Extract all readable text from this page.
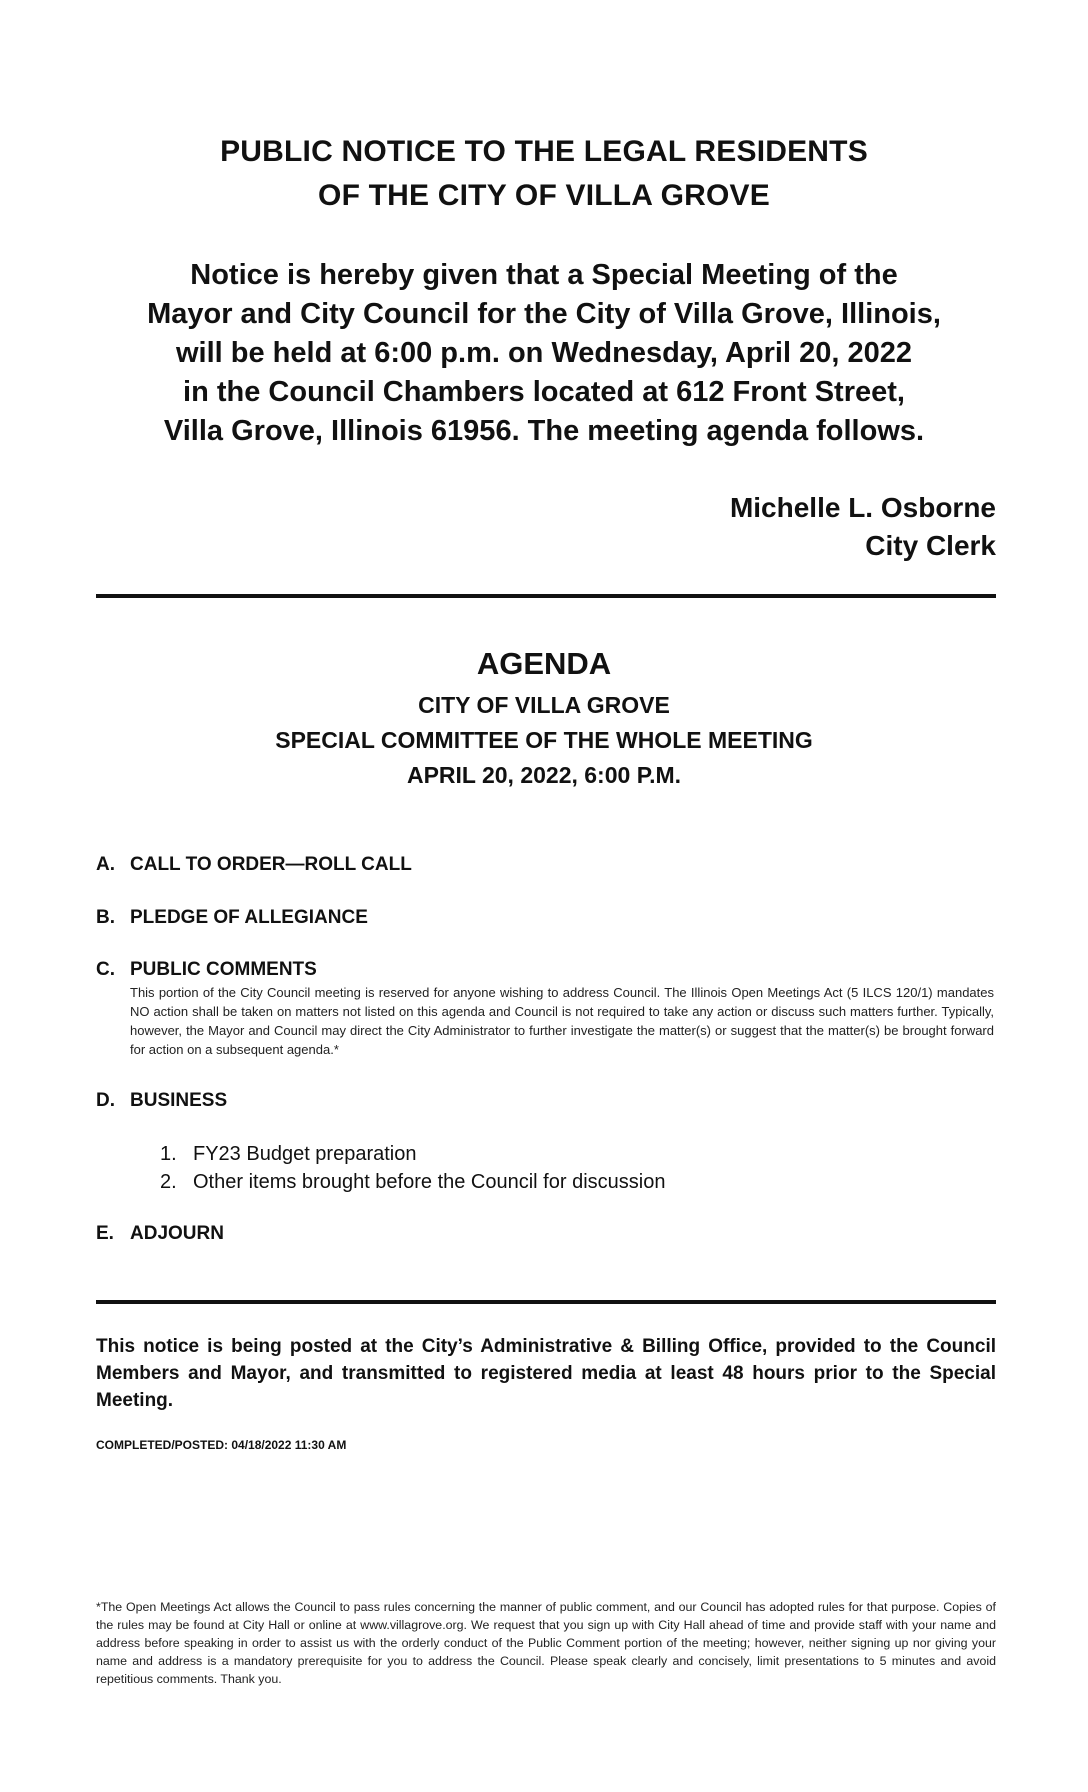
PUBLIC NOTICE TO THE LEGAL RESIDENTS
OF THE CITY OF VILLA GROVE
Notice is hereby given that a Special Meeting of the
Mayor and City Council for the City of Villa Grove, Illinois,
will be held at 6:00 p.m. on Wednesday, April 20, 2022
in the Council Chambers located at 612 Front Street,
Villa Grove, Illinois 61956. The meeting agenda follows.
Michelle L. Osborne
City Clerk
AGENDA
CITY OF VILLA GROVE
SPECIAL COMMITTEE OF THE WHOLE MEETING
APRIL 20, 2022, 6:00 P.M.
A. CALL TO ORDER—ROLL CALL
B. PLEDGE OF ALLEGIANCE
C. PUBLIC COMMENTS
This portion of the City Council meeting is reserved for anyone wishing to address Council. The Illinois Open Meetings Act (5 ILCS 120/1) mandates NO action shall be taken on matters not listed on this agenda and Council is not required to take any action or discuss such matters further. Typically, however, the Mayor and Council may direct the City Administrator to further investigate the matter(s) or suggest that the matter(s) be brought forward for action on a subsequent agenda.*
D. BUSINESS
1. FY23 Budget preparation
2. Other items brought before the Council for discussion
E. ADJOURN
This notice is being posted at the City’s Administrative & Billing Office, provided to the Council Members and Mayor, and transmitted to registered media at least 48 hours prior to the Special Meeting.
COMPLETED/POSTED: 04/18/2022 11:30 AM
*The Open Meetings Act allows the Council to pass rules concerning the manner of public comment, and our Council has adopted rules for that purpose. Copies of the rules may be found at City Hall or online at www.villagrove.org. We request that you sign up with City Hall ahead of time and provide staff with your name and address before speaking in order to assist us with the orderly conduct of the Public Comment portion of the meeting; however, neither signing up nor giving your name and address is a mandatory prerequisite for you to address the Council. Please speak clearly and concisely, limit presentations to 5 minutes and avoid repetitious comments. Thank you.
